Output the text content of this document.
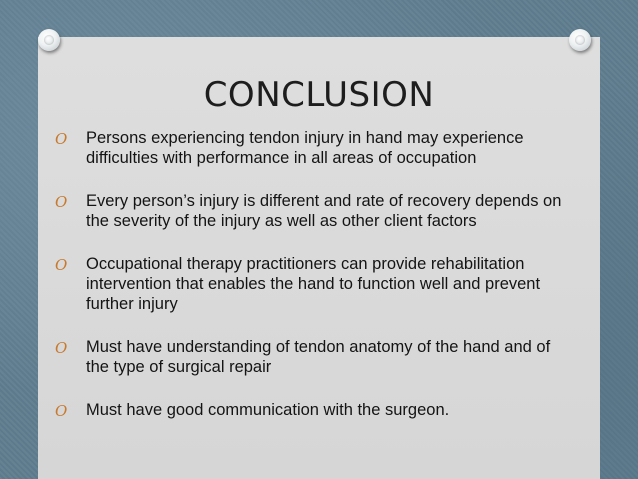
CONCLUSION
O Persons experiencing tendon injury in hand may experience difficulties with performance in all areas of occupation
O Every person’s injury is different and rate of recovery depends on the severity of the injury as well as other client factors
O Occupational therapy practitioners can provide rehabilitation intervention that enables the hand to function well and prevent further injury
O Must have understanding of tendon anatomy of the hand and of the type of surgical repair
O Must have good communication with the surgeon.
